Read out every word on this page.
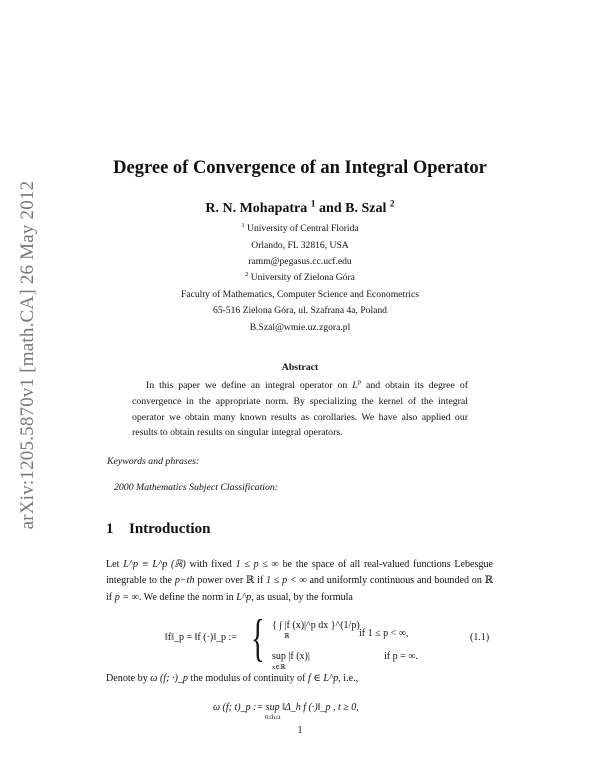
arXiv:1205.5870v1 [math.CA] 26 May 2012
Degree of Convergence of an Integral Operator
R. N. Mohapatra $^1$ and B. Szal $^2$
$^1$ University of Central Florida
Orlando, FL 32816, USA
ramm@pegasus.cc.ucf.edu
$^2$ University of Zielona Góra
Faculty of Mathematics, Computer Science and Econometrics
65-516 Zielona Góra, ul. Szafrana 4a, Poland
B.Szal@wmie.uz.zgora.pl
Abstract
In this paper we define an integral operator on $L^p$ and obtain its degree of convergence in the appropriate norm. By specializing the kernel of the integral operator we obtain many known results as corollaries. We have also applied our results to obtain results on singular integral operators.
Keywords and phrases:
2000 Mathematics Subject Classification:
1 Introduction
Let L^p ≡ L^p (ℝ) with fixed 1 ≤ p ≤ ∞ be the space of all real-valued functions Lebesgue integrable to the p−th power over ℝ if 1 ≤ p < ∞ and uniformly continuous and bounded on ℝ if p = ∞. We define the norm in L^p, as usual, by the formula
‖f‖_p = ‖f (·)‖_p := { { ∫ |f (x)|^p dx }^(1/p)
ℝ	if 1 ≤ p < ∞,
sup |f (x)|
x∈ℝ
if p = ∞.
(1.1)
Denote by ω (f; ·)_p the modulus of continuity of f ∈ L^p, i.e.,
ω (f; t)_p := sup ‖Δ_h f (·)‖_p , t ≥ 0,
0≤h≤t
1
